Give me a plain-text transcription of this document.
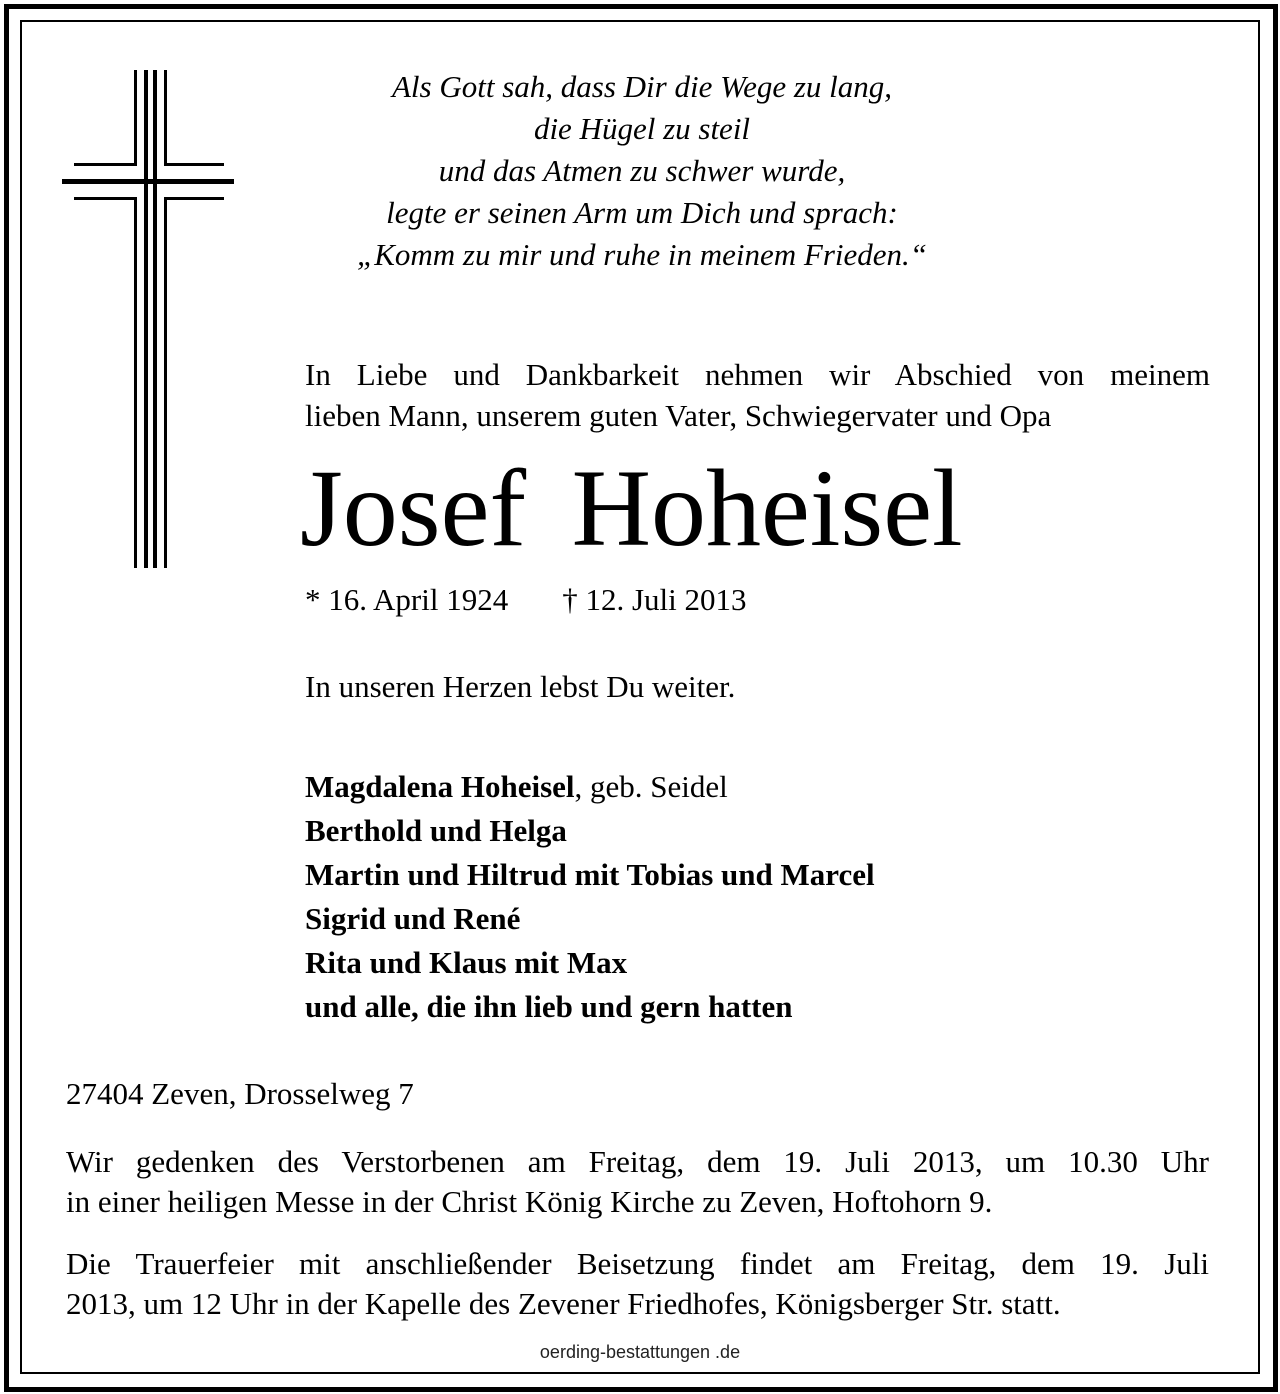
Als Gott sah, dass Dir die Wege zu lang,
die Hügel zu steil
und das Atmen zu schwer wurde,
legte er seinen Arm um Dich und sprach:
„Komm zu mir und ruhe in meinem Frieden.“
In Liebe und Dankbarkeit nehmen wir Abschied von meinem
lieben Mann, unserem guten Vater, Schwiegervater und Opa
Josef Hoheisel
* 16. April 1924 † 12. Juli 2013
In unseren Herzen lebst Du weiter.
Magdalena Hoheisel, geb. Seidel
Berthold und Helga
Martin und Hiltrud mit Tobias und Marcel
Sigrid und René
Rita und Klaus mit Max
und alle, die ihn lieb und gern hatten
27404 Zeven, Drosselweg 7
Wir gedenken des Verstorbenen am Freitag, dem 19. Juli 2013, um 10.30 Uhr
in einer heiligen Messe in der Christ König Kirche zu Zeven, Hoftohorn 9.
Die Trauerfeier mit anschließender Beisetzung findet am Freitag, dem 19. Juli
2013, um 12 Uhr in der Kapelle des Zevener Friedhofes, Königsberger Str. statt.
oerding-bestattungen .de
